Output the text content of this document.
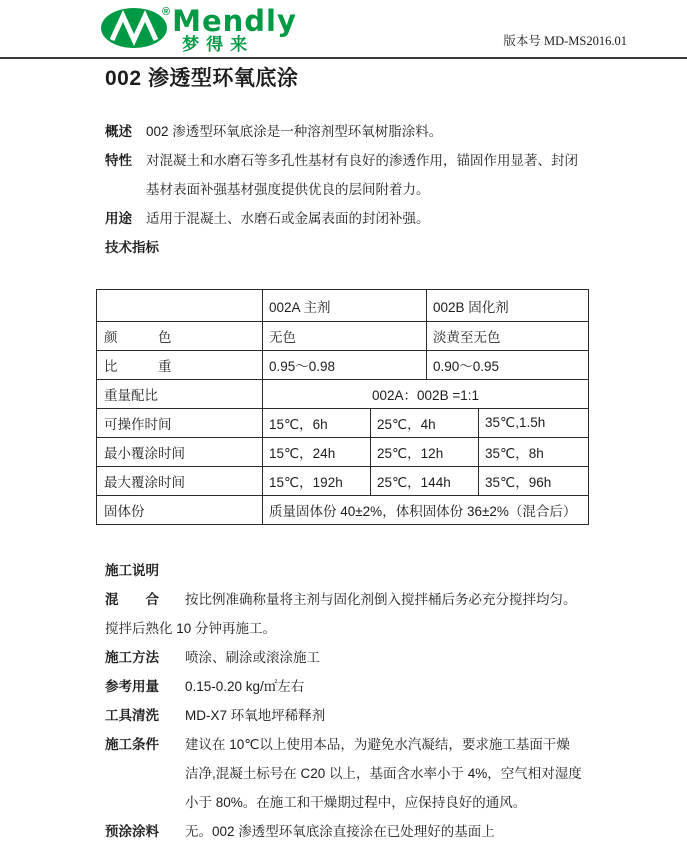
® Mendly
梦得来	版本号 MD-MS2016.01
002 渗透型环氧底涂
概述	002 渗透型环氧底涂是一种溶剂型环氧树脂涂料。
特性	对混凝土和水磨石等多孔性基材有良好的渗透作用，锚固作用显著、封闭
基材表面补强基材强度提供优良的层间附着力。
用途	适用于混凝土、水磨石或金属表面的封闭补强。
技术指标
	002A 主剂		002B 固化剂	
颜　　　色	无色		淡黄至无色	
比　　　重	0.95～0.98		0.90～0.95	
重量配比	002A：002B =1:1			
可操作时间	15℃，6h	25℃，4h		35℃,1.5h
最小覆涂时间	15℃，24h	25℃，12h		35℃，8h
最大覆涂时间	15℃，192h	25℃，144h		35℃，96h
固体份	质量固体份 40±2%，体积固体份 36±2%（混合后）			
施工说明
混　　合	按比例准确称量将主剂与固化剂倒入搅拌桶后务必充分搅拌均匀。
搅拌后熟化 10 分钟再施工。
施工方法	喷涂、刷涂或滚涂施工
参考用量	0.15-0.20 kg/㎡左右
工具清洗	MD-X7 环氧地坪稀释剂
施工条件	建议在 10℃以上使用本品，为避免水汽凝结，要求施工基面干燥
洁净,混凝土标号在 C20 以上，基面含水率小于 4%，空气相对湿度
小于 80%。在施工和干燥期过程中，应保持良好的通风。
预涂涂料	无。002 渗透型环氧底涂直接涂在已处理好的基面上
